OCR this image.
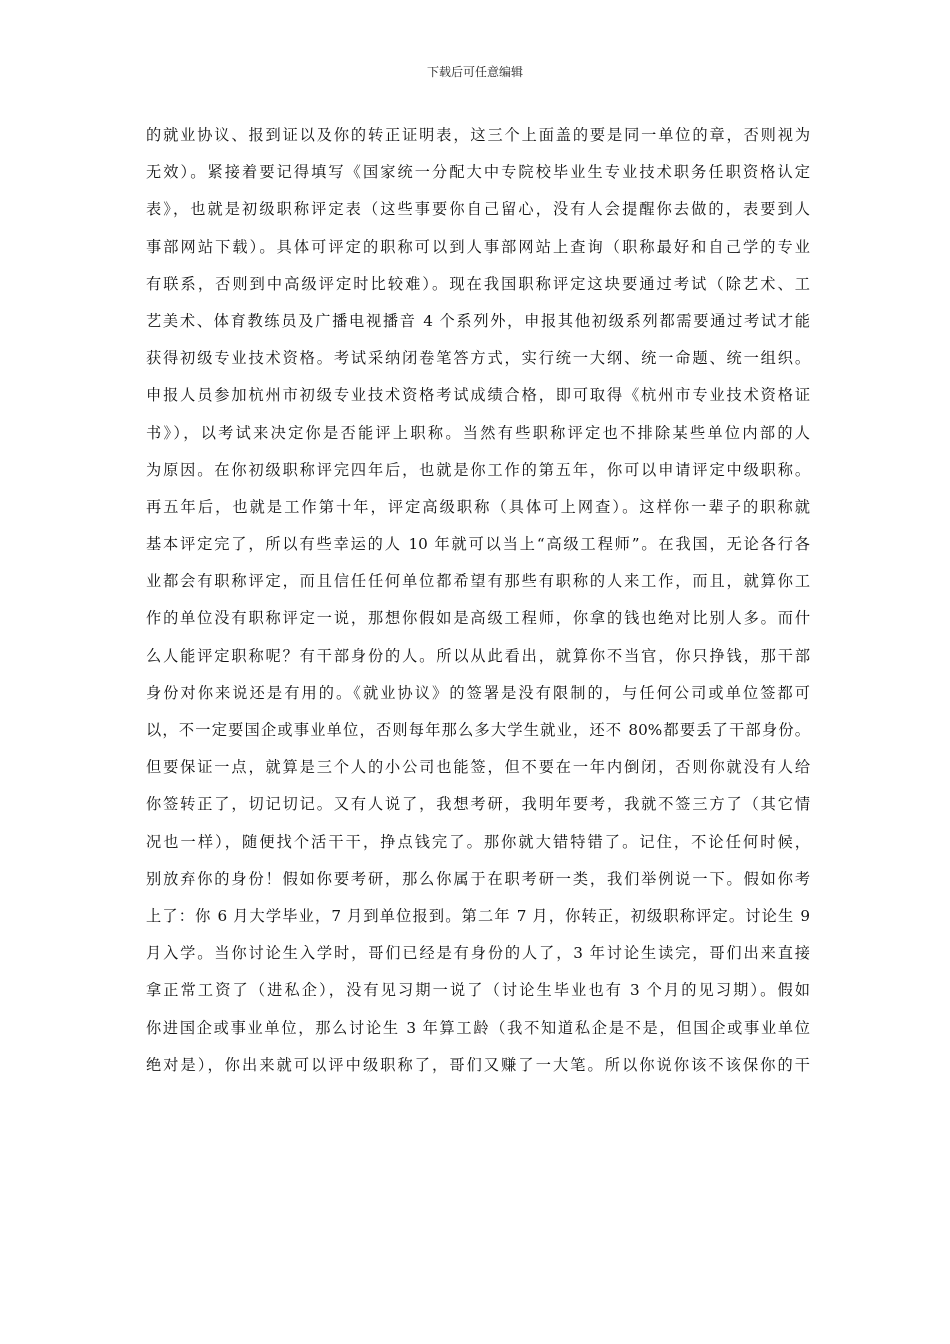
下载后可任意编辑
的就业协议、报到证以及你的转正证明表，这三个上面盖的要是同一单位的章，否则视为
无效）。紧接着要记得填写《国家统一分配大中专院校毕业生专业技术职务任职资格认定
表》，也就是初级职称评定表（这些事要你自己留心，没有人会提醒你去做的，表要到人
事部网站下载）。具体可评定的职称可以到人事部网站上查询（职称最好和自己学的专业
有联系，否则到中高级评定时比较难）。现在我国职称评定这块要通过考试（除艺术、工
艺美术、体育教练员及广播电视播音 4 个系列外，申报其他初级系列都需要通过考试才能
获得初级专业技术资格。考试采纳闭卷笔答方式，实行统一大纲、统一命题、统一组织。
申报人员参加杭州市初级专业技术资格考试成绩合格，即可取得《杭州市专业技术资格证
书》），以考试来决定你是否能评上职称。当然有些职称评定也不排除某些单位内部的人
为原因。在你初级职称评完四年后，也就是你工作的第五年，你可以申请评定中级职称。
再五年后，也就是工作第十年，评定高级职称（具体可上网查）。这样你一辈子的职称就
基本评定完了，所以有些幸运的人 10 年就可以当上“高级工程师”。在我国，无论各行各
业都会有职称评定，而且信任任何单位都希望有那些有职称的人来工作，而且，就算你工
作的单位没有职称评定一说，那想你假如是高级工程师，你拿的钱也绝对比别人多。而什
么人能评定职称呢？有干部身份的人。所以从此看出，就算你不当官，你只挣钱，那干部
身份对你来说还是有用的。《就业协议》的签署是没有限制的，与任何公司或单位签都可
以，不一定要国企或事业单位，否则每年那么多大学生就业，还不 80%都要丢了干部身份。
但要保证一点，就算是三个人的小公司也能签，但不要在一年内倒闭，否则你就没有人给
你签转正了，切记切记。又有人说了，我想考研，我明年要考，我就不签三方了（其它情
况也一样），随便找个活干干，挣点钱完了。那你就大错特错了。记住，不论任何时候，
别放弃你的身份！假如你要考研，那么你属于在职考研一类，我们举例说一下。假如你考
上了：你 6 月大学毕业，7 月到单位报到。第二年 7 月，你转正，初级职称评定。讨论生 9
月入学。当你讨论生入学时，哥们已经是有身份的人了，3 年讨论生读完，哥们出来直接
拿正常工资了（进私企），没有见习期一说了（讨论生毕业也有 3 个月的见习期）。假如
你进国企或事业单位，那么讨论生 3 年算工龄（我不知道私企是不是，但国企或事业单位
绝对是），你出来就可以评中级职称了，哥们又赚了一大笔。所以你说你该不该保你的干
